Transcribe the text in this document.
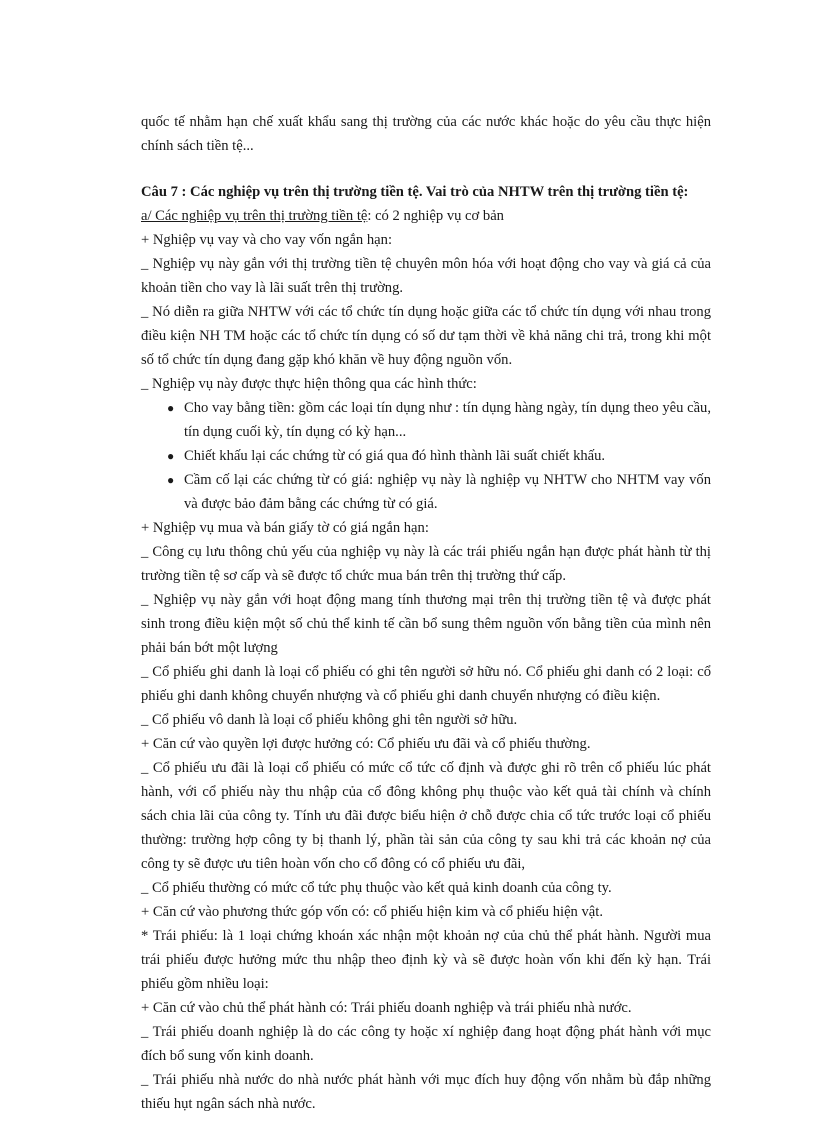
quốc tế nhằm hạn chế xuất khẩu sang thị trường của các nước khác hoặc do yêu cầu thực hiện chính sách tiền tệ...

Câu 7 : Các nghiệp vụ trên thị trường tiền tệ. Vai trò của NHTW trên thị trường tiền tệ:

a/ Các nghiệp vụ trên thị trường tiền tệ: có 2 nghiệp vụ cơ bản

+ Nghiệp vụ vay và cho vay vốn ngắn hạn:

_ Nghiệp vụ này gắn với thị trường tiền tệ chuyên môn hóa với hoạt động cho vay và giá cả của khoản tiền cho vay là lãi suất trên thị trường.

_ Nó diễn ra giữa NHTW với các tổ chức tín dụng hoặc giữa các tổ chức tín dụng với nhau trong điều kiện NH TM hoặc các tổ chức tín dụng có số dư tạm thời về khả năng chi trả, trong khi một số tổ chức tín dụng đang gặp khó khăn về huy động nguồn vốn.

_ Nghiệp vụ này được thực hiện thông qua các hình thức:

● Cho vay bằng tiền: gồm các loại tín dụng như : tín dụng hàng ngày, tín dụng theo yêu cầu, tín dụng cuối kỳ, tín dụng có kỳ hạn...
● Chiết khấu lại các chứng từ có giá qua đó hình thành lãi suất chiết khấu.
● Cầm cố lại các chứng từ có giá: nghiệp vụ này là nghiệp vụ NHTW cho NHTM vay vốn và được bảo đảm bằng các chứng từ có giá.

+ Nghiệp vụ mua và bán giấy tờ có giá ngắn hạn:

_ Công cụ lưu thông chủ yếu của nghiệp vụ này là các trái phiếu ngắn hạn được phát hành từ thị trường tiền tệ sơ cấp và sẽ được tổ chức mua bán trên thị trường thứ cấp.

_ Nghiệp vụ này gắn với hoạt động mang tính thương mại trên thị trường tiền tệ và được phát sinh trong điều kiện một số chủ thể kinh tế cần bổ sung thêm nguồn vốn bằng tiền của mình nên phải bán bớt một lượng

_ Cổ phiếu ghi danh là loại cổ phiếu có ghi tên người sở hữu nó. Cổ phiếu ghi danh có 2 loại: cổ phiếu ghi danh không chuyển nhượng và cổ phiếu ghi danh chuyển nhượng có điều kiện.

_ Cổ phiếu vô danh là loại cổ phiếu không ghi tên người sở hữu.

+ Căn cứ vào quyền lợi được hưởng có: Cổ phiếu ưu đãi và cổ phiếu thường.

_ Cổ phiếu ưu đãi là loại cổ phiếu có mức cổ tức cố định và được ghi rõ trên cổ phiếu lúc phát hành, với cổ phiếu này thu nhập của cổ đông không phụ thuộc vào kết quả tài chính và chính sách chia lãi của công ty. Tính ưu đãi được biểu hiện ở chỗ được chia cổ tức trước loại cổ phiếu thường: trường hợp công ty bị thanh lý, phần tài sản của công ty sau khi trả các khoản nợ của công ty sẽ được ưu tiên hoàn vốn cho cổ đông có cổ phiếu ưu đãi,

_ Cổ phiếu thường có mức cổ tức phụ thuộc vào kết quả kinh doanh của công ty.

+ Căn cứ vào phương thức góp vốn có: cổ phiếu hiện kim và cổ phiếu hiện vật.

* Trái phiếu: là 1 loại chứng khoán xác nhận một khoản nợ của chủ thể phát hành. Người mua trái phiếu được hưởng mức thu nhập theo định kỳ và sẽ được hoàn vốn khi đến kỳ hạn. Trái phiếu gồm nhiều loại:

+ Căn cứ vào chủ thể phát hành có: Trái phiếu doanh nghiệp và trái phiếu nhà nước.

_ Trái phiếu doanh nghiệp là do các công ty hoặc xí nghiệp đang hoạt động phát hành với mục đích bổ sung vốn kinh doanh.

_ Trái phiếu nhà nước do nhà nước phát hành với mục đích huy động vốn nhằm bù đắp những thiếu hụt ngân sách nhà nước.
